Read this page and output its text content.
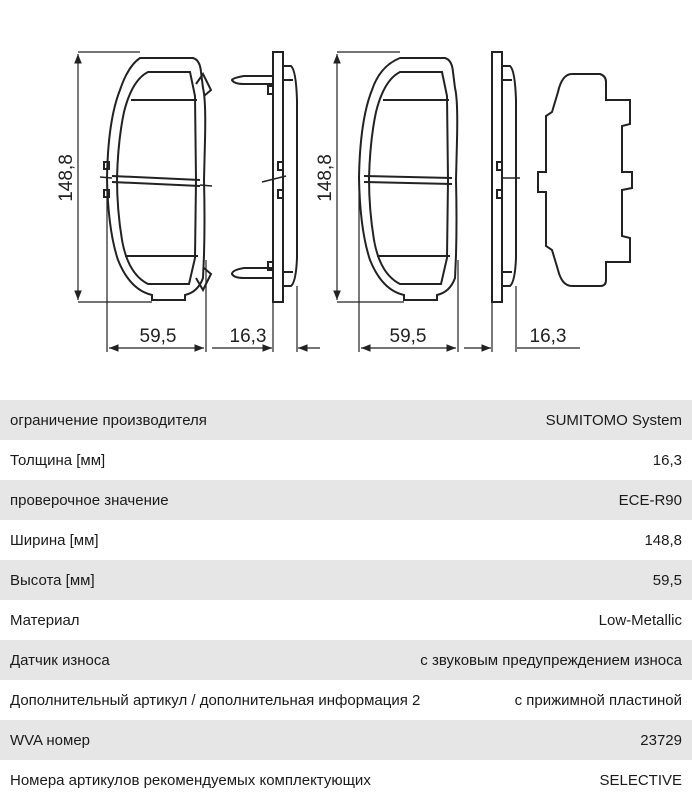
148,8
59,5	16,3
148,8
59,5	16,3
ограничение производителя	SUMITOMO System
Толщина [мм]	16,3
проверочное значение	ECE-R90
Ширина [мм]	148,8
Высота [мм]	59,5
Материал	Low-Metallic
Датчик износа	с звуковым предупреждением износа
Дополнительный артикул / дополнительная информация 2	с прижимной пластиной
WVA номер	23729
Номера артикулов рекомендуемых комплектующих	SELECTIVE
